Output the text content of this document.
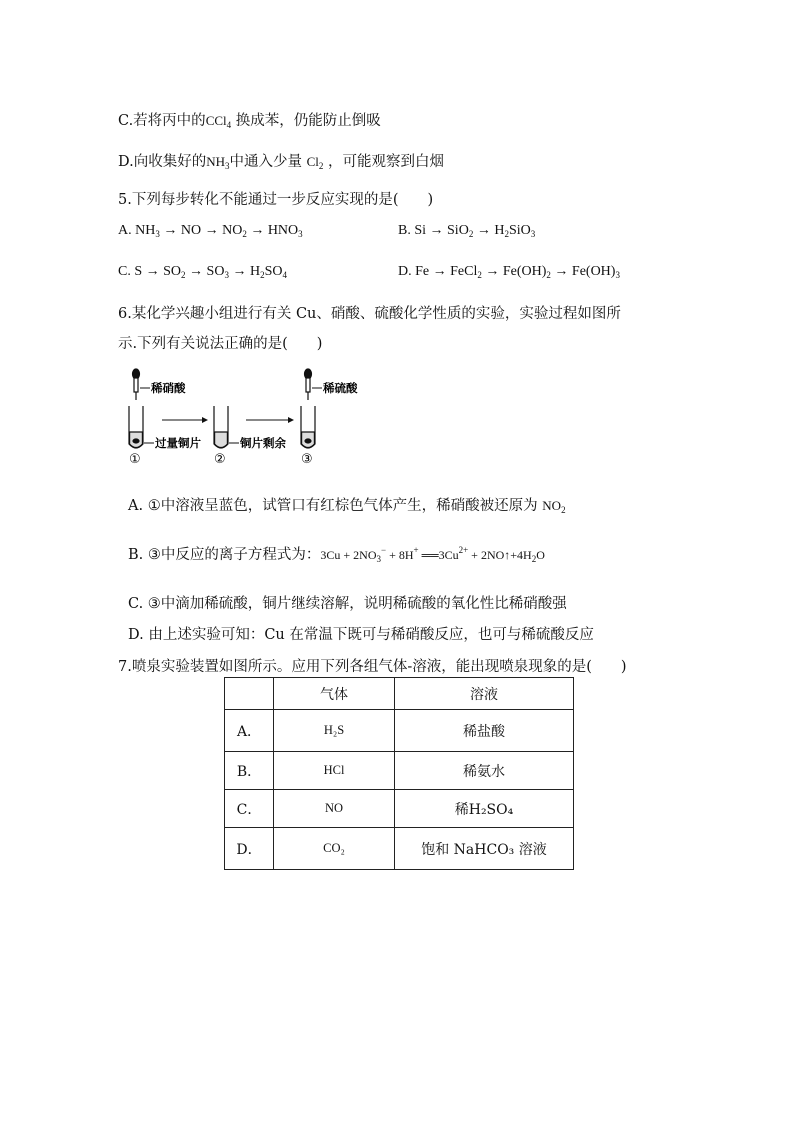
C.若将丙中的CCl$_4$ 换成苯，仍能防止倒吸
D.向收集好的$NH_3$中通入少量 $Cl_2$ ，可能观察到白烟
5.下列每步转化不能通过一步反应实现的是(　　)
A. $NH_3$ → NO → $NO_2 \to HNO_3$	B. $Si \to SiO_2 \to H_2SiO_3$
C. $S \to SO_2 \to SO_3 \to H_2SO_4$	D. Fe → FeCl$_2$ → $Fe(OH)_2 \to Fe(OH)_3$
6.某化学兴趣小组进行有关 Cu、硝酸、硫酸化学性质的实验，实验过程如图所
示.下列有关说法正确的是(　　)
稀硝酸
过量铜片
①
铜片剩余
②
稀硫酸
③
A. ①中溶液呈蓝色，试管口有红棕色气体产生，稀硝酸被还原为 $NO_2$
B. ③中反应的离子方程式为：$3Cu + 2NO_3^- + 8H^+$ $══3Cu^{2+}$ + $2NO↑+4H_2O$
C. ③中滴加稀硫酸，铜片继续溶解，说明稀硫酸的氧化性比稀硝酸强
D. 由上述实验可知：Cu 在常温下既可与稀硝酸反应，也可与稀硫酸反应
7.喷泉实验装置如图所示。应用下列各组气体-溶液，能出现喷泉现象的是(　　)
	气体	溶液
A．	H₂S	稀盐酸
B．	HCl	稀氨水
C．	NO	稀H₂SO₄
D．	CO₂	饱和 NaHCO₃ 溶液
